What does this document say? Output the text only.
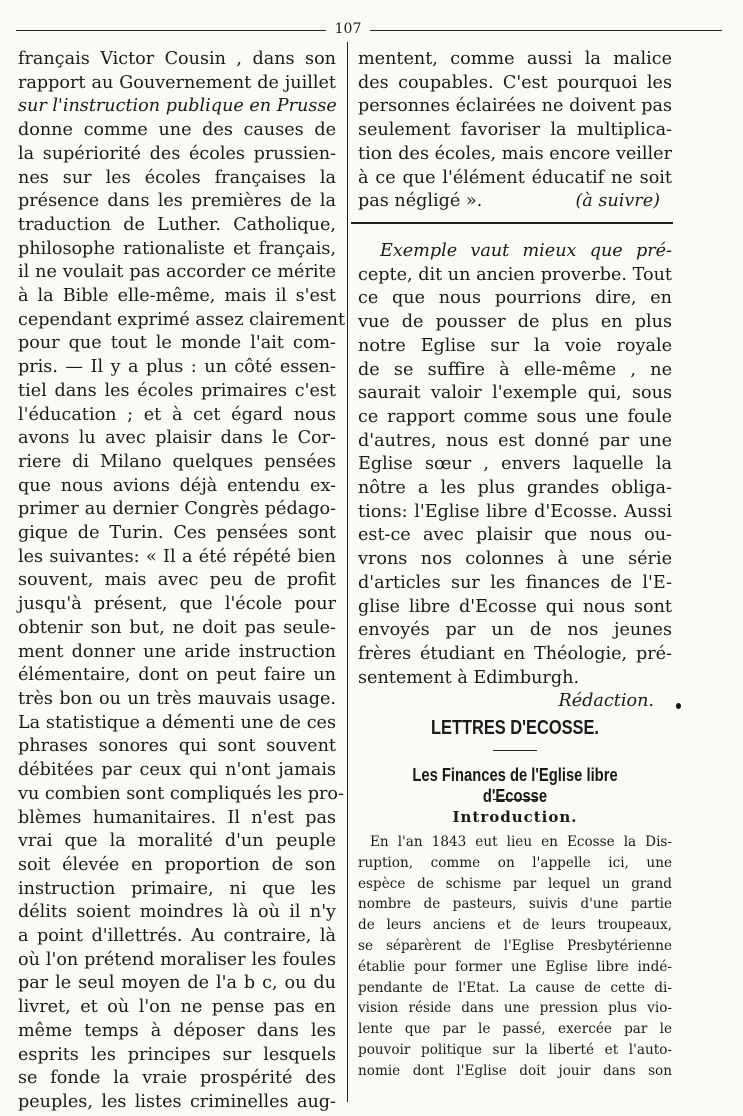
107
français Victor Cousin , dans son
rapport au Gouvernement de juillet
sur l'instruction publique en Prusse
donne comme une des causes de
la supériorité des écoles prussien-
nes sur les écoles françaises la
présence dans les premières de la
traduction de Luther. Catholique,
philosophe rationaliste et français,
il ne voulait pas accorder ce mérite
à la Bible elle-même, mais il s'est
cependant exprimé assez clairement
pour que tout le monde l'ait com-
pris. — Il y a plus : un côté essen-
tiel dans les écoles primaires c'est
l'éducation ; et à cet égard nous
avons lu avec plaisir dans le Cor-
riere di Milano quelques pensées
que nous avions déjà entendu ex-
primer au dernier Congrès pédago-
gique de Turin. Ces pensées sont
les suivantes: « Il a été répété bien
souvent, mais avec peu de profit
jusqu'à présent, que l'école pour
obtenir son but, ne doit pas seule-
ment donner une aride instruction
élémentaire, dont on peut faire un
très bon ou un très mauvais usage.
La statistique a démenti une de ces
phrases sonores qui sont souvent
débitées par ceux qui n'ont jamais
vu combien sont compliqués les pro-
blèmes humanitaires. Il n'est pas
vrai que la moralité d'un peuple
soit élevée en proportion de son
instruction primaire, ni que les
délits soient moindres là où il n'y
a point d'illettrés. Au contraire, là
où l'on prétend moraliser les foules
par le seul moyen de l'a b c, ou du
livret, et où l'on ne pense pas en
même temps à déposer dans les
esprits les principes sur lesquels
se fonde la vraie prospérité des
peuples, les listes criminelles aug-
mentent, comme aussi la malice
des coupables. C'est pourquoi les
personnes éclairées ne doivent pas
seulement favoriser la multiplica-
tion des écoles, mais encore veiller
à ce que l'élément éducatif ne soit
pas négligé ».	(à suivre)
Exemple vaut mieux que pré-
cepte, dit un ancien proverbe. Tout
ce que nous pourrions dire, en
vue de pousser de plus en plus
notre Eglise sur la voie royale
de se suffire à elle-même , ne
saurait valoir l'exemple qui, sous
ce rapport comme sous une foule
d'autres, nous est donné par une
Eglise sœur , envers laquelle la
nôtre a les plus grandes obliga-
tions: l'Eglise libre d'Ecosse. Aussi
est-ce avec plaisir que nous ou-
vrons nos colonnes à une série
d'articles sur les finances de l'E-
glise libre d'Ecosse qui nous sont
envoyés par un de nos jeunes
frères étudiant en Théologie, pré-
sentement à Edimburgh.
Rédaction.
LETTRES D'ECOSSE.
Les Finances de l'Eglise libre d'Ecosse
Introduction.
En l'an 1843 eut lieu en Ecosse la Dis-
ruption, comme on l'appelle ici, une
espèce de schisme par lequel un grand
nombre de pasteurs, suivis d'une partie
de leurs anciens et de leurs troupeaux,
se séparèrent de l'Eglise Presbytérienne
établie pour former une Eglise libre indé-
pendante de l'Etat. La cause de cette di-
vision réside dans une pression plus vio-
lente que par le passé, exercée par le
pouvoir politique sur la liberté et l'auto-
nomie dont l'Eglise doit jouir dans son
